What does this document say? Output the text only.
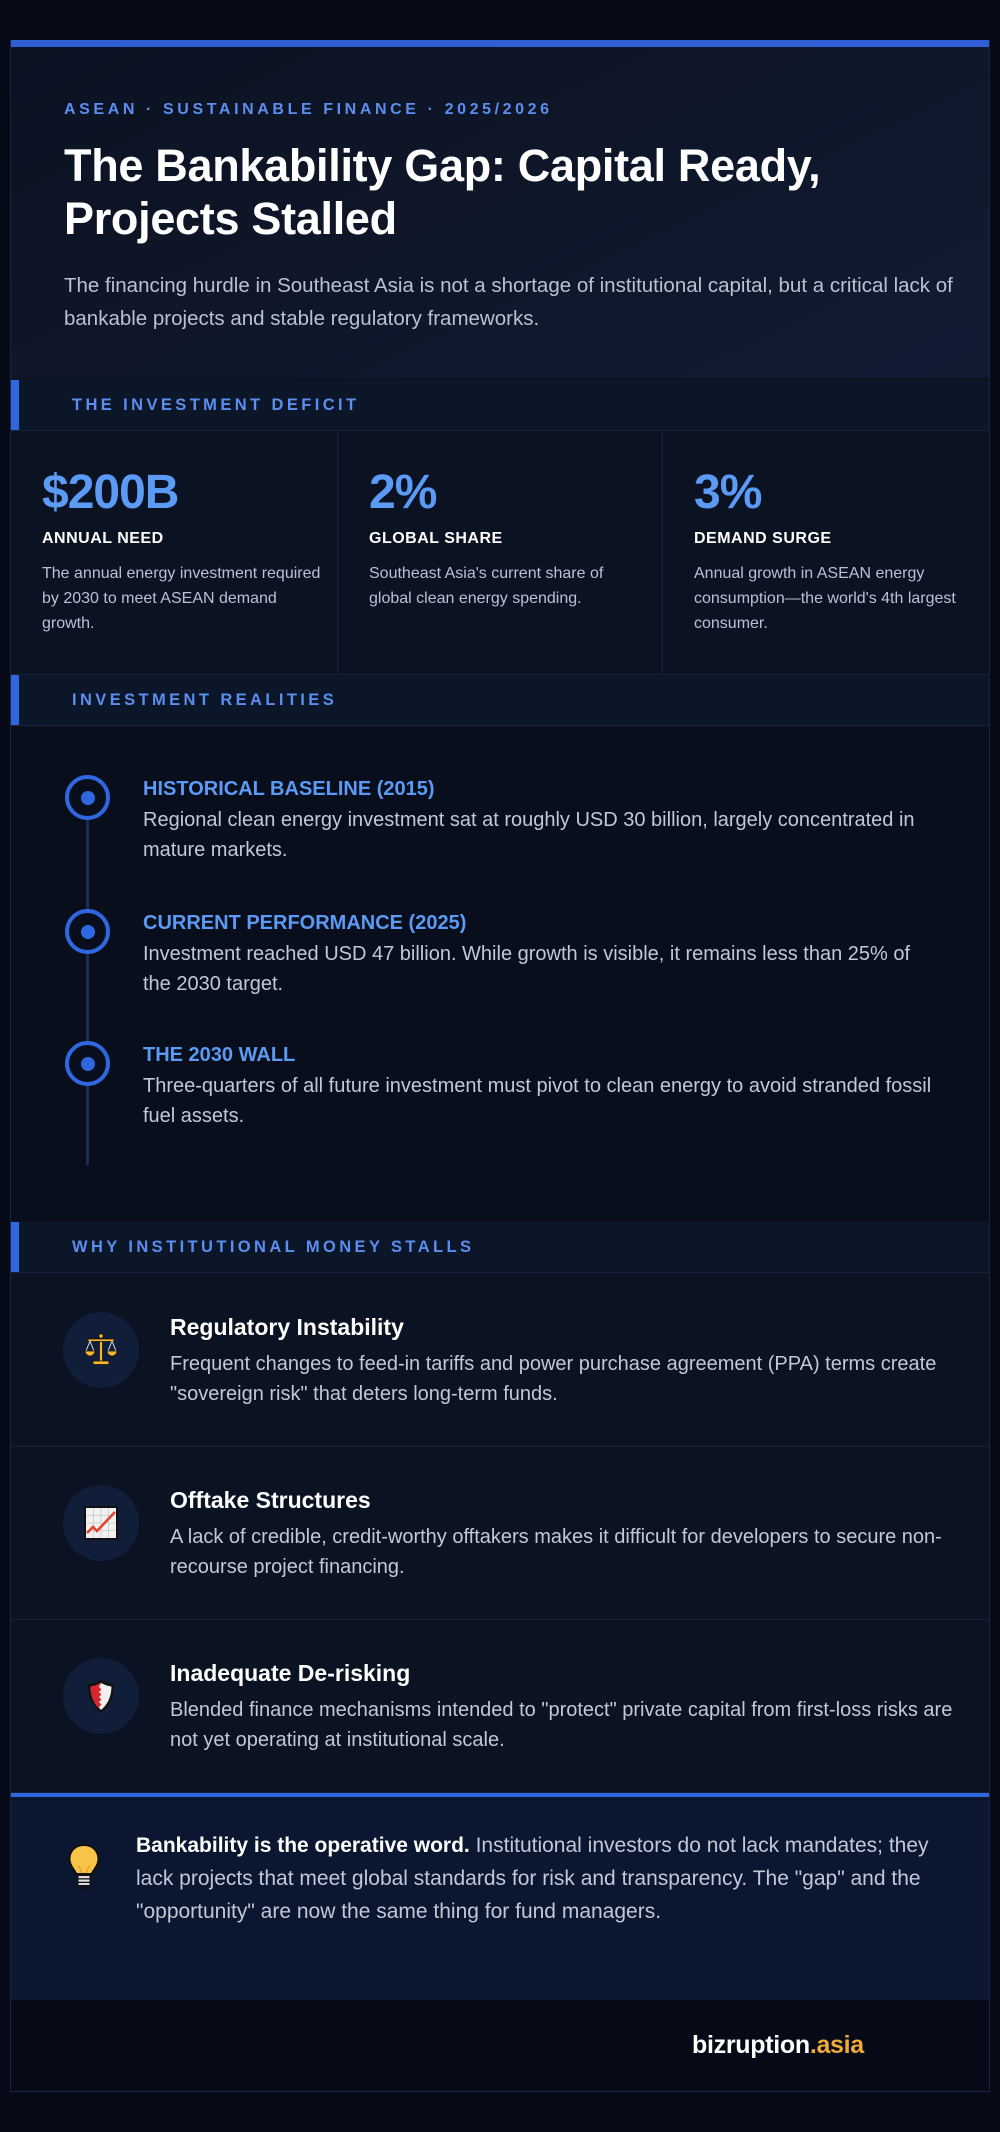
ASEAN · SUSTAINABLE FINANCE · 2025/2026
The Bankability Gap: Capital Ready, Projects Stalled

The financing hurdle in Southeast Asia is not a shortage of institutional capital, but a critical lack of bankable projects and stable regulatory frameworks.

THE INVESTMENT DEFICIT
$200B
ANNUAL NEED
The annual energy investment required by 2030 to meet ASEAN demand growth.
2%
GLOBAL SHARE
Southeast Asia's current share of global clean energy spending.
3%
DEMAND SURGE
Annual growth in ASEAN energy consumption—the world's 4th largest consumer.
INVESTMENT REALITIES
HISTORICAL BASELINE (2015)
Regional clean energy investment sat at roughly USD 30 billion, largely concentrated in mature markets.
CURRENT PERFORMANCE (2025)
Investment reached USD 47 billion. While growth is visible, it remains less than 25% of the 2030 target.
THE 2030 WALL
Three-quarters of all future investment must pivot to clean energy to avoid stranded fossil fuel assets.
WHY INSTITUTIONAL MONEY STALLS
Regulatory Instability
Frequent changes to feed-in tariffs and power purchase agreement (PPA) terms create "sovereign risk" that deters long-term funds.
Offtake Structures
A lack of credible, credit-worthy offtakers makes it difficult for developers to secure non-recourse project financing.
Inadequate De-risking
Blended finance mechanisms intended to "protect" private capital from first-loss risks are not yet operating at institutional scale.

Bankability is the operative word. Institutional investors do not lack mandates; they lack projects that meet global standards for risk and transparency. The "gap" and the "opportunity" are now the same thing for fund managers.

bizruption.asia
